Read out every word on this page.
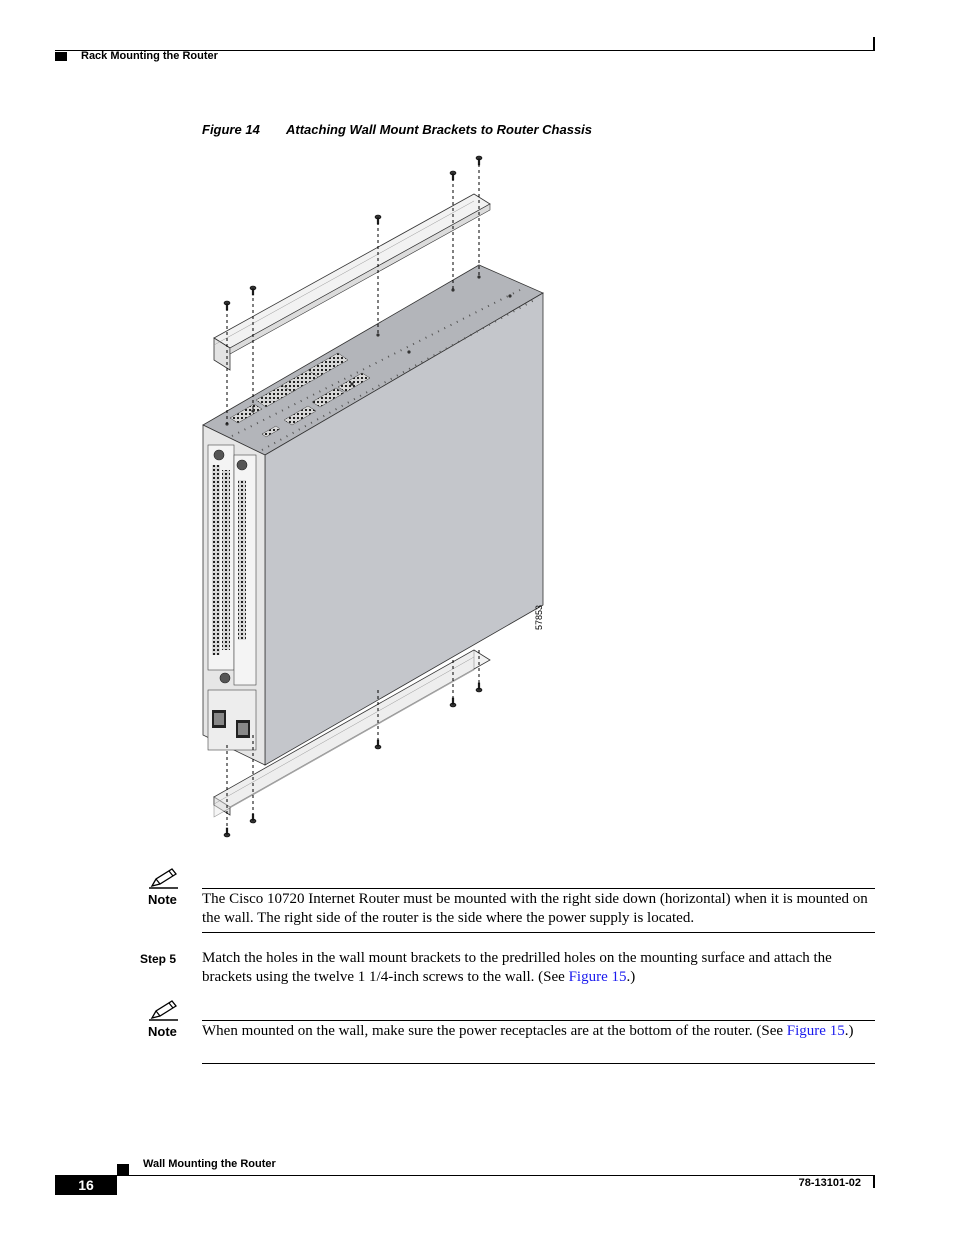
Rack Mounting the Router
Figure 14 Attaching Wall Mount Brackets to Router Chassis
57853
Note The Cisco 10720 Internet Router must be mounted with the right side down (horizontal) when it is mounted on the wall. The right side of the router is the side where the power supply is located.
Step 5 Match the holes in the wall mount brackets to the predrilled holes on the mounting surface and attach the brackets using the twelve 1 1/4-inch screws to the wall. (See Figure 15.)
Note When mounted on the wall, make sure the power receptacles are at the bottom of the router. (See Figure 15.)
Wall Mounting the Router
16	78-13101-02
